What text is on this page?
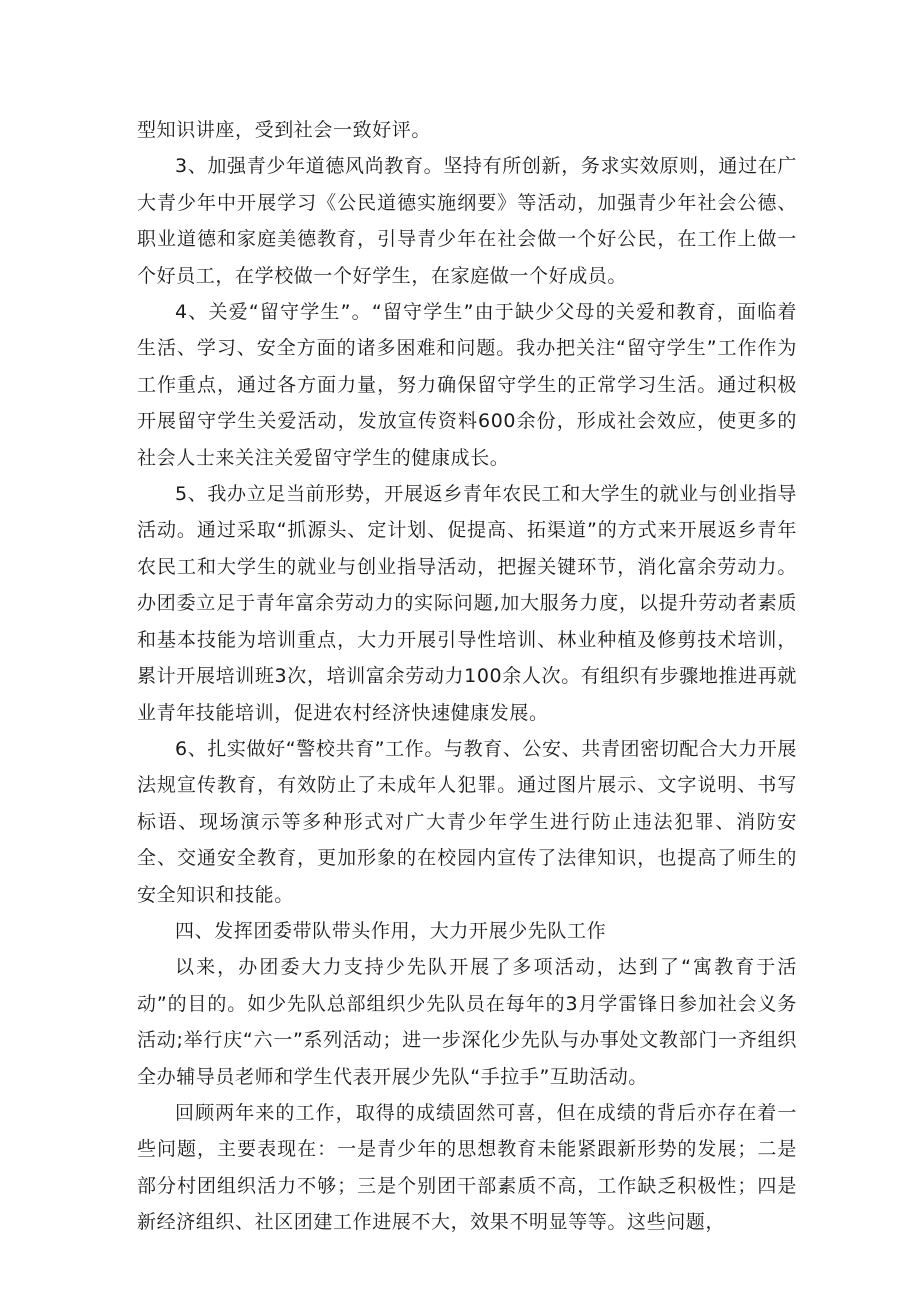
型知识讲座，受到社会一致好评。

3、加强青少年道德风尚教育。坚持有所创新，务求实效原则，通过在广大青少年中开展学习《公民道德实施纲要》等活动，加强青少年社会公德、职业道德和家庭美德教育，引导青少年在社会做一个好公民，在工作上做一个好员工，在学校做一个好学生，在家庭做一个好成员。

4、关爱“留守学生”。“留守学生”由于缺少父母的关爱和教育，面临着生活、学习、安全方面的诸多困难和问题。我办把关注“留守学生”工作作为工作重点，通过各方面力量，努力确保留守学生的正常学习生活。通过积极开展留守学生关爱活动，发放宣传资料600余份，形成社会效应，使更多的社会人士来关注关爱留守学生的健康成长。

5、我办立足当前形势，开展返乡青年农民工和大学生的就业与创业指导活动。通过采取“抓源头、定计划、促提高、拓渠道”的方式来开展返乡青年农民工和大学生的就业与创业指导活动，把握关键环节，消化富余劳动力。办团委立足于青年富余劳动力的实际问题,加大服务力度，以提升劳动者素质和基本技能为培训重点，大力开展引导性培训、林业种植及修剪技术培训，累计开展培训班3次，培训富余劳动力100余人次。有组织有步骤地推进再就业青年技能培训，促进农村经济快速健康发展。

6、扎实做好“警校共育”工作。与教育、公安、共青团密切配合大力开展法规宣传教育，有效防止了未成年人犯罪。通过图片展示、文字说明、书写标语、现场演示等多种形式对广大青少年学生进行防止违法犯罪、消防安全、交通安全教育，更加形象的在校园内宣传了法律知识，也提高了师生的安全知识和技能。

四、发挥团委带队带头作用，大力开展少先队工作

以来，办团委大力支持少先队开展了多项活动，达到了“寓教育于活动”的目的。如少先队总部组织少先队员在每年的3月学雷锋日参加社会义务活动;举行庆“六一”系列活动；进一步深化少先队与办事处文教部门一齐组织全办辅导员老师和学生代表开展少先队“手拉手”互助活动。

回顾两年来的工作，取得的成绩固然可喜，但在成绩的背后亦存在着一些问题，主要表现在：一是青少年的思想教育未能紧跟新形势的发展；二是部分村团组织活力不够；三是个别团干部素质不高，工作缺乏积极性；四是新经济组织、社区团建工作进展不大，效果不明显等等。这些问题，
